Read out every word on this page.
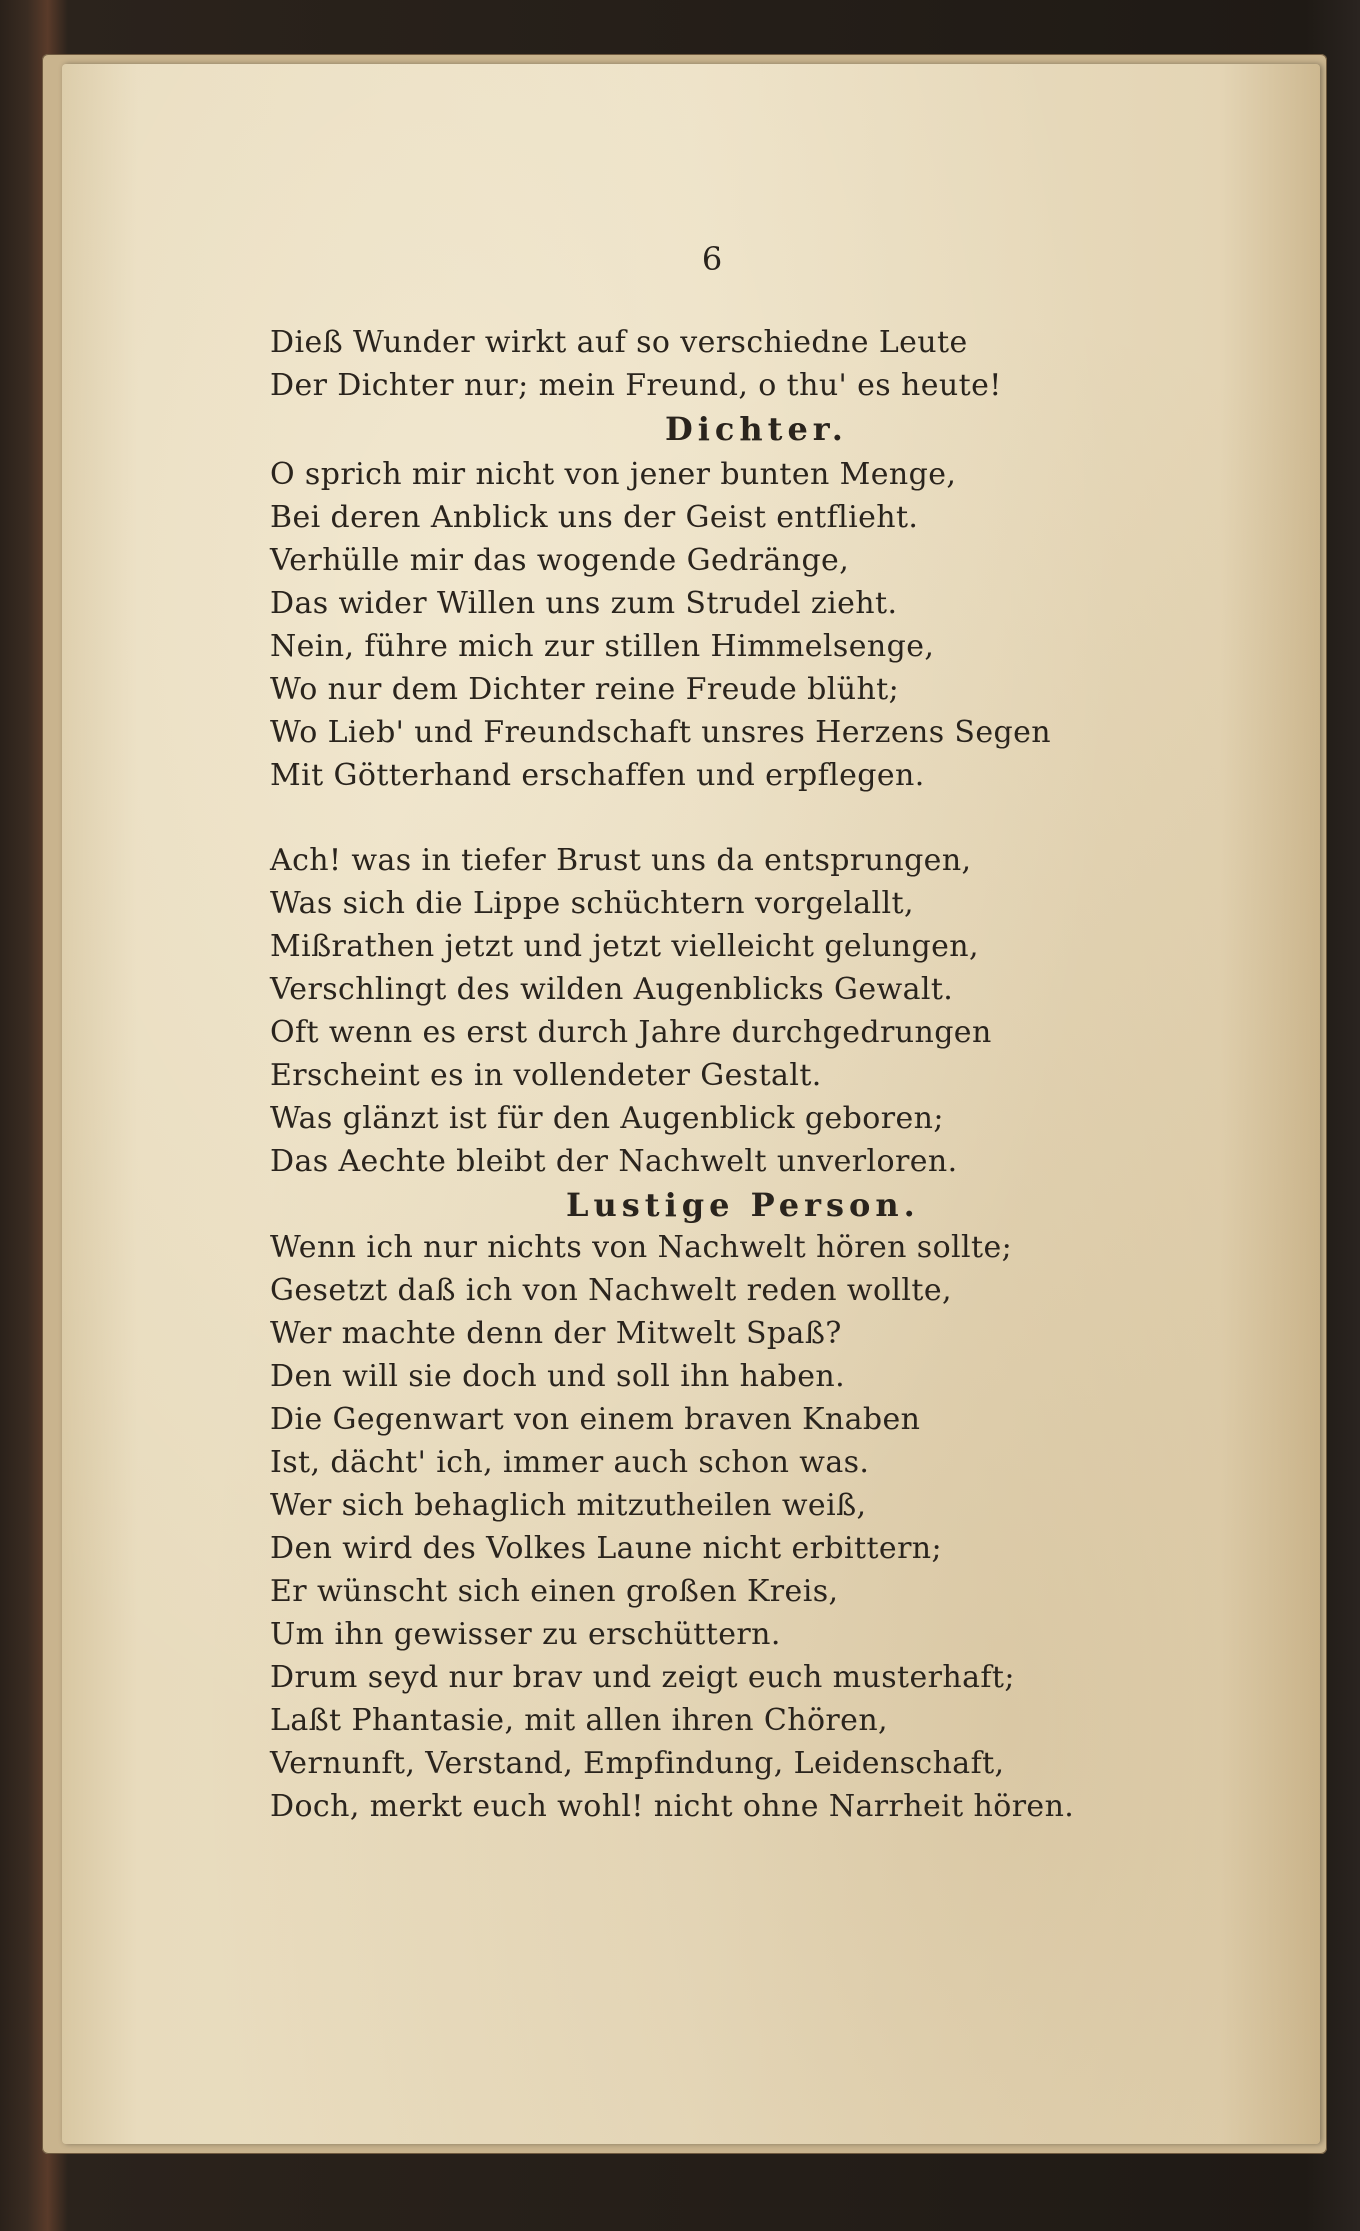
6

Dieß Wunder wirkt auf so verschiedne Leute
Der Dichter nur; mein Freund, o thu' es heute!
Dichter.
O sprich mir nicht von jener bunten Menge,
Bei deren Anblick uns der Geist entflieht.
Verhülle mir das wogende Gedränge,
Das wider Willen uns zum Strudel zieht.
Nein, führe mich zur stillen Himmelsenge,
Wo nur dem Dichter reine Freude blüht;
Wo Lieb' und Freundschaft unsres Herzens Segen
Mit Götterhand erschaffen und erpflegen.
Ach! was in tiefer Brust uns da entsprungen,
Was sich die Lippe schüchtern vorgelallt,
Mißrathen jetzt und jetzt vielleicht gelungen,
Verschlingt des wilden Augenblicks Gewalt.
Oft wenn es erst durch Jahre durchgedrungen
Erscheint es in vollendeter Gestalt.
Was glänzt ist für den Augenblick geboren;
Das Aechte bleibt der Nachwelt unverloren.
Lustige Person.
Wenn ich nur nichts von Nachwelt hören sollte;
Gesetzt daß ich von Nachwelt reden wollte,
Wer machte denn der Mitwelt Spaß?
Den will sie doch und soll ihn haben.
Die Gegenwart von einem braven Knaben
Ist, dächt' ich, immer auch schon was.
Wer sich behaglich mitzutheilen weiß,
Den wird des Volkes Laune nicht erbittern;
Er wünscht sich einen großen Kreis,
Um ihn gewisser zu erschüttern.
Drum seyd nur brav und zeigt euch musterhaft;
Laßt Phantasie, mit allen ihren Chören,
Vernunft, Verstand, Empfindung, Leidenschaft,
Doch, merkt euch wohl! nicht ohne Narrheit hören.
